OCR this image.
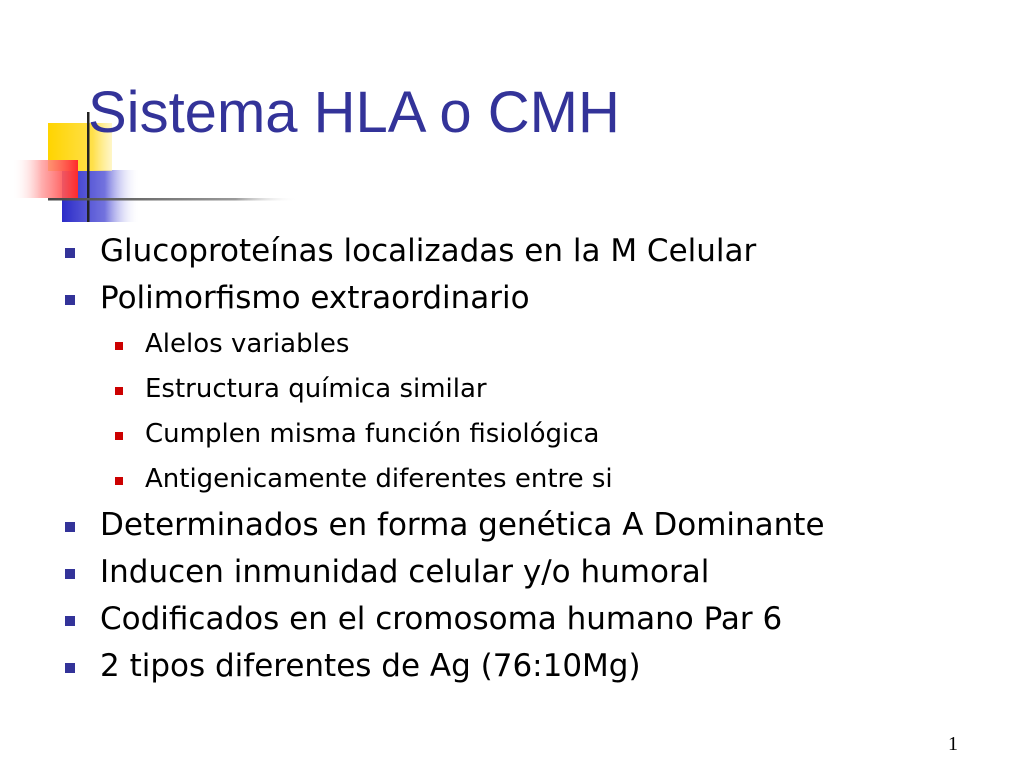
Sistema HLA o CMH
Glucoproteínas localizadas en la M Celular
Polimorfismo extraordinario
Alelos variables
Estructura química similar
Cumplen misma función fisiológica
Antigenicamente diferentes entre si
Determinados en forma genética A Dominante
Inducen inmunidad celular y/o humoral
Codificados en el cromosoma humano Par 6
2 tipos diferentes de Ag (76:10Mg)
1
